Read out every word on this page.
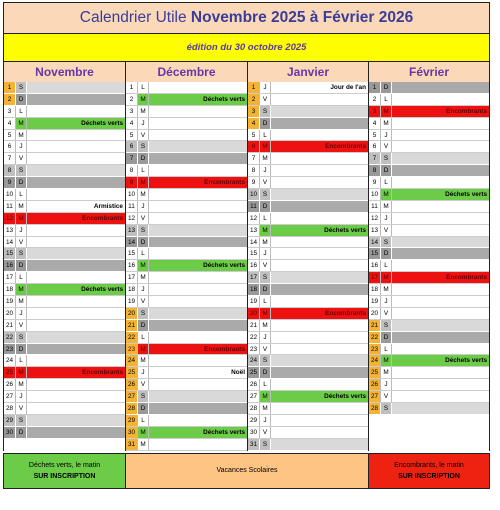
Calendrier Utile Novembre 2025 à Février 2026
édition du 30 octobre 2025
Novembre	Décembre	Janvier	Février
1	S
2	D
3	L
4	M	Déchets verts
5	M
6	J
7	V
8	S
9	D
10 L
11 M	Armistice
12 M	Encombrants
13 J
14 V
15 S
16 D
17 L
18 M	Déchets verts
19 M
20 J
21 V
22 S
23 D
24 L
25 M	Encombrants
26 M
27 J
28 V
29 S
30 D
1	L
2	M	Déchets verts
3	M
4	J
5	V
6	S
7	D
8	L
9	M	Encombrants
10 M
11	J
12 V
13 S
14 D
15 L
16 M	Déchets verts
17 M
18 J
19 V
20 S
21 D
22 L
23 M	Encombrants
24 M
25 J	Noël
26 V
27 S
28 D
29 L
30 M	Déchets verts
31 M
1	J	Jour de l'an
2	V
3	S
4	D
5	L
6	M	Encombrants
7	M
8	J
9	V
10 S
11 D
12 L
13 M	Déchets verts
14 M
15 J
16 V
17 S
18 D
19 L
20 M	Encombrants
21 M
22 J
23 V
24 S
25 D
26 L
27 M	Déchets verts
28 M
29 J
30 V
31 S
1	D
2	L
3	M	Encombrants
4	M
5	J
6	V
7	S
8	D
9	L
10 M	Déchets verts
11 M
12 J
13 V
14 S
15 D
16 L
17 M	Encombrants
18 M
19 J
20 V
21 S
22 D
23 L
24 M	Déchets verts
25 M
26 J
27 V
28 S
Déchets verts, le matin
SUR INSCRIPTION
Vacances Scolaires
Encombrants, le matin
SUR INSCRIPTION
